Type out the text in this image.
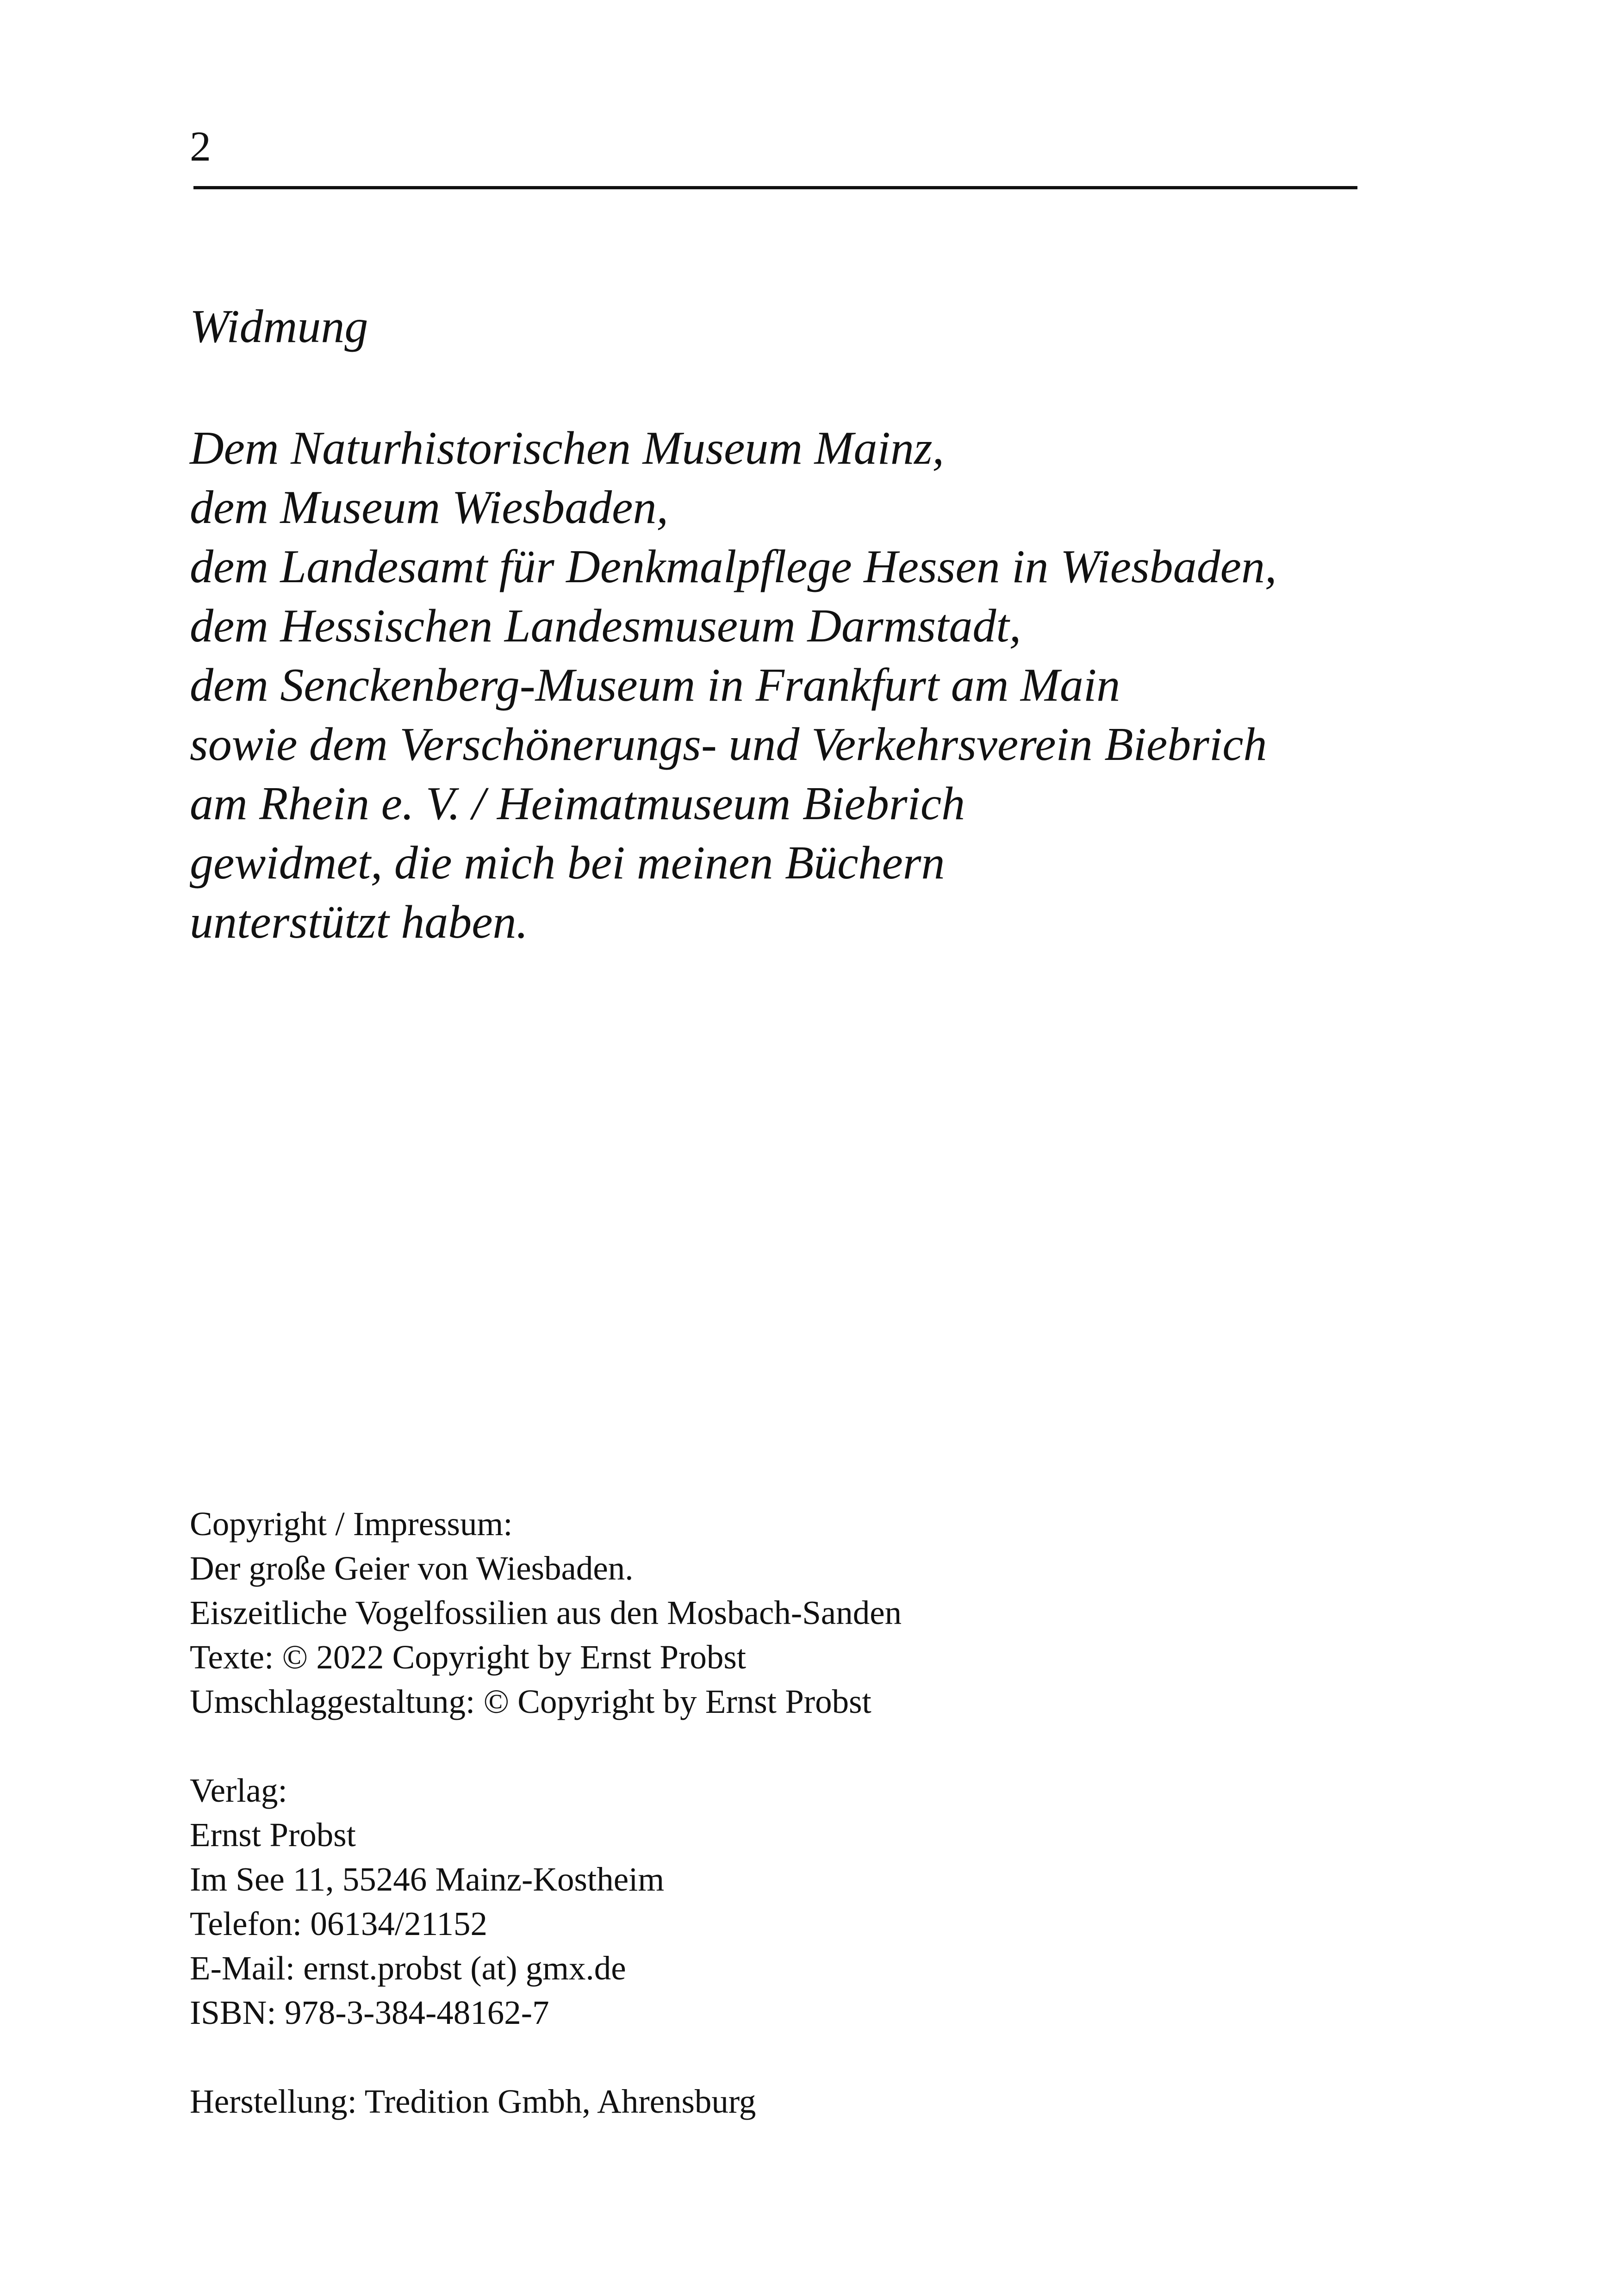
2
Widmung
Dem Naturhistorischen Museum Mainz,
dem Museum Wiesbaden,
dem Landesamt für Denkmalpflege Hessen in Wiesbaden,
dem Hessischen Landesmuseum Darmstadt,
dem Senckenberg-Museum in Frankfurt am Main
sowie dem Verschönerungs- und Verkehrsverein Biebrich
am Rhein e. V. / Heimatmuseum Biebrich
gewidmet, die mich bei meinen Büchern
unterstützt haben.
Copyright / Impressum:
Der große Geier von Wiesbaden.
Eiszeitliche Vogelfossilien aus den Mosbach-Sanden
Texte: © 2022 Copyright by Ernst Probst
Umschlaggestaltung: © Copyright by Ernst Probst
Verlag:
Ernst Probst
Im See 11, 55246 Mainz-Kostheim
Telefon: 06134/21152
E-Mail: ernst.probst (at) gmx.de
ISBN: 978-3-384-48162-7
Herstellung: Tredition Gmbh, Ahrensburg
